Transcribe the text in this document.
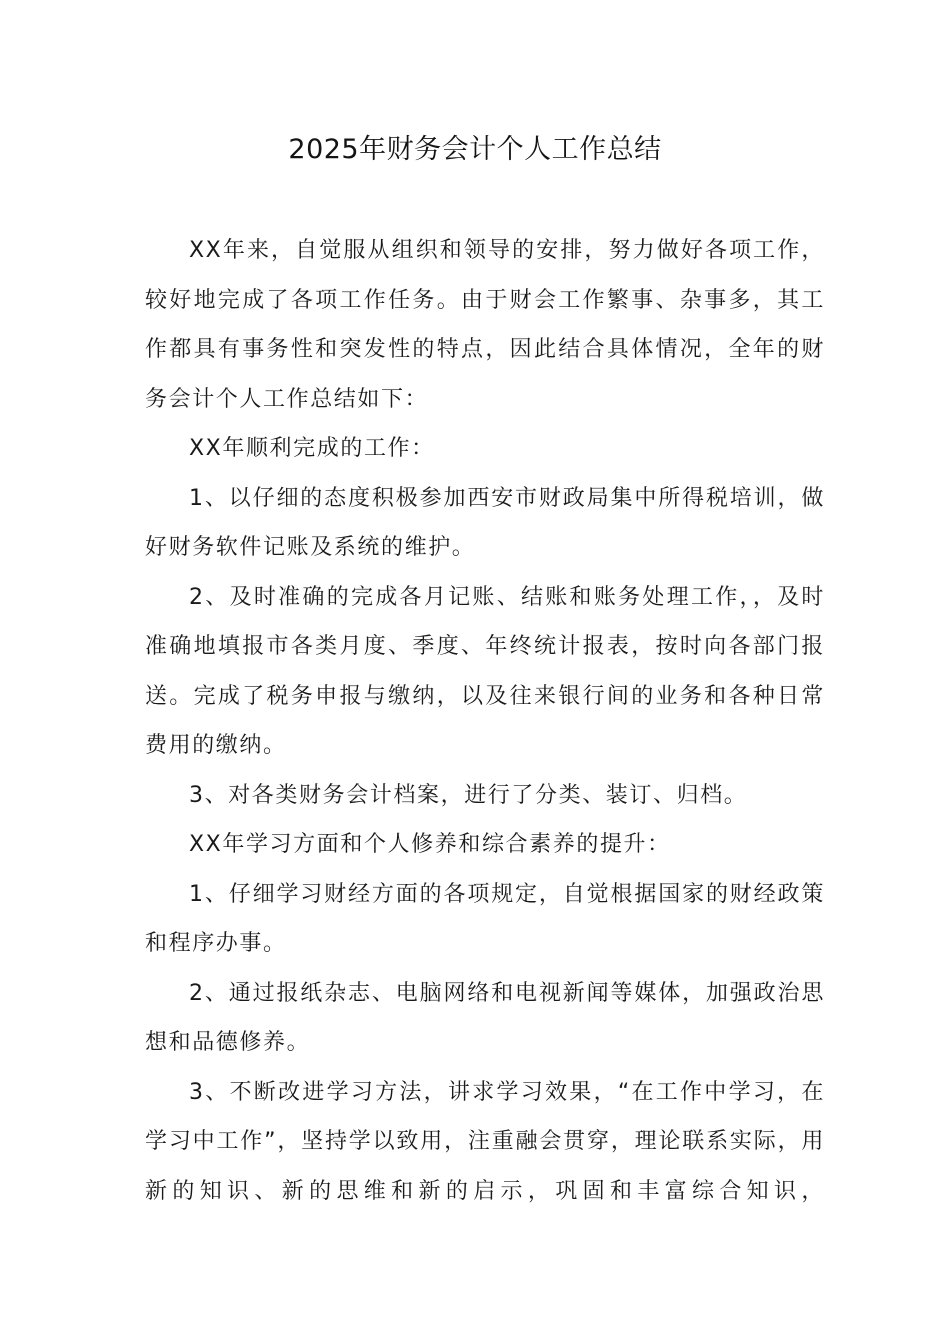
2025年财务会计个人工作总结

XX年来，自觉服从组织和领导的安排，努力做好各项工作，较好地完成了各项工作任务。由于财会工作繁事、杂事多，其工作都具有事务性和突发性的特点，因此结合具体情况，全年的财务会计个人工作总结如下：

XX年顺利完成的工作：

1、以仔细的态度积极参加西安市财政局集中所得税培训，做好财务软件记账及系统的维护。

2、及时准确的完成各月记账、结账和账务处理工作，，及时准确地填报市各类月度、季度、年终统计报表，按时向各部门报送。完成了税务申报与缴纳，以及往来银行间的业务和各种日常费用的缴纳。

3、对各类财务会计档案，进行了分类、装订、归档。

XX年学习方面和个人修养和综合素养的提升：

1、仔细学习财经方面的各项规定，自觉根据国家的财经政策和程序办事。

2、通过报纸杂志、电脑网络和电视新闻等媒体，加强政治思想和品德修养。

3、不断改进学习方法，讲求学习效果，“在工作中学习，在学习中工作”，坚持学以致用，注重融会贯穿，理论联系实际，用新的知识、新的思维和新的启示，巩固和丰富综合知识，
